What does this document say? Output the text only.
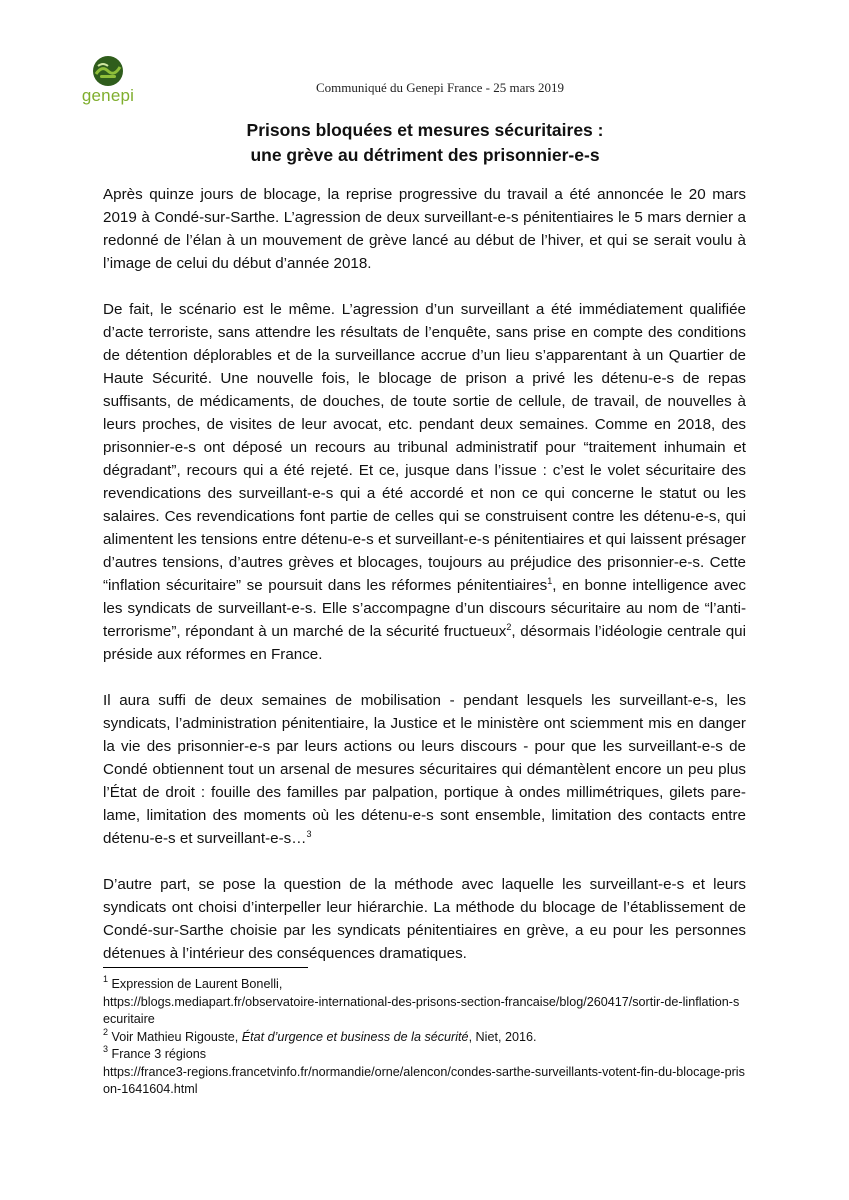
genepi	Communiqué du Genepi France - 25 mars 2019
Prisons bloquées et mesures sécuritaires :
une grève au détriment des prisonnier-e-s

Après quinze jours de blocage, la reprise progressive du travail a été annoncée le 20 mars 2019 à Condé-sur-Sarthe. L’agression de deux surveillant-e-s pénitentiaires le 5 mars dernier a redonné de l’élan à un mouvement de grève lancé au début de l’hiver, et qui se serait voulu à l’image de celui du début d’année 2018.

De fait, le scénario est le même. L’agression d’un surveillant a été immédiatement qualifiée d’acte terroriste, sans attendre les résultats de l’enquête, sans prise en compte des conditions de détention déplorables et de la surveillance accrue d’un lieu s’apparentant à un Quartier de Haute Sécurité. Une nouvelle fois, le blocage de prison a privé les détenu-e-s de repas suffisants, de médicaments, de douches, de toute sortie de cellule, de travail, de nouvelles à leurs proches, de visites de leur avocat, etc. pendant deux semaines. Comme en 2018, des prisonnier-e-s ont déposé un recours au tribunal administratif pour “traitement inhumain et dégradant”, recours qui a été rejeté. Et ce, jusque dans l’issue : c’est le volet sécuritaire des revendications des surveillant-e-s qui a été accordé et non ce qui concerne le statut ou les salaires. Ces revendications font partie de celles qui se construisent contre les détenu-e-s, qui alimentent les tensions entre détenu-e-s et surveillant-e-s pénitentiaires et qui laissent présager d’autres tensions, d’autres grèves et blocages, toujours au préjudice des prisonnier-e-s. Cette “inflation sécuritaire” se poursuit dans les réformes pénitentiaires$^1$, en bonne intelligence avec les syndicats de surveillant-e-s. Elle s’accompagne d’un discours sécuritaire au nom de “l’anti-terrorisme”, répondant à un marché de la sécurité fructueux$^2$, désormais l’idéologie centrale qui préside aux réformes en France.

Il aura suffi de deux semaines de mobilisation - pendant lesquels les surveillant-e-s, les syndicats, l’administration pénitentiaire, la Justice et le ministère ont sciemment mis en danger la vie des prisonnier-e-s par leurs actions ou leurs discours - pour que les surveillant-e-s de Condé obtiennent tout un arsenal de mesures sécuritaires qui démantèlent encore un peu plus l’État de droit : fouille des familles par palpation, portique à ondes millimétriques, gilets pare-lame, limitation des moments où les détenu-e-s sont ensemble, limitation des contacts entre détenu-e-s et surveillant-e-s…$^3$

D’autre part, se pose la question de la méthode avec laquelle les surveillant-e-s et leurs syndicats ont choisi d’interpeller leur hiérarchie. La méthode du blocage de l’établissement de Condé-sur-Sarthe choisie par les syndicats pénitentiaires en grève, a eu pour les personnes détenues à l’intérieur des conséquences dramatiques.

$^1$ Expression de Laurent Bonelli,

https://blogs.mediapart.fr/observatoire-international-des-prisons-section-francaise/blog/260417/sortir-de-linflation-securitaire

$^2$ Voir Mathieu Rigouste, État d’urgence et business de la sécurité, Niet, 2016.

$^3$ France 3 régions

https://france3-regions.francetvinfo.fr/normandie/orne/alencon/condes-sarthe-surveillants-votent-fin-du-blocage-prison-1641604.html
